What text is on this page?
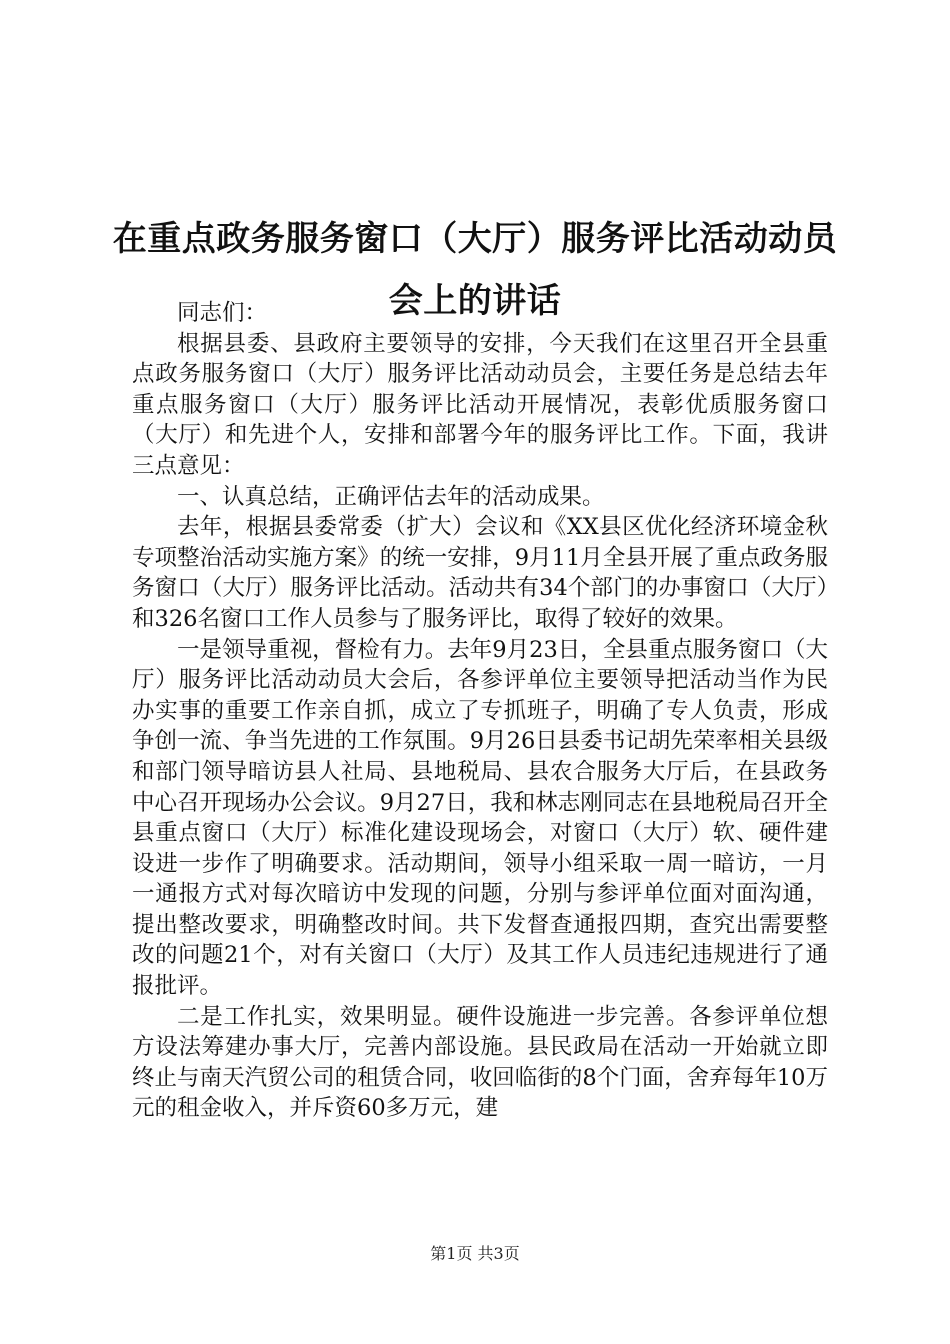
在重点政务服务窗口（大厅）服务评比活动动员会上的讲话

同志们：

根据县委、县政府主要领导的安排，今天我们在这里召开全县重点政务服务窗口（大厅）服务评比活动动员会，主要任务是总结去年重点服务窗口（大厅）服务评比活动开展情况，表彰优质服务窗口（大厅）和先进个人，安排和部署今年的服务评比工作。下面，我讲三点意见：

一、认真总结，正确评估去年的活动成果。

去年，根据县委常委（扩大）会议和《XX县区优化经济环境金秋专项整治活动实施方案》的统一安排，9月11月全县开展了重点政务服务窗口（大厅）服务评比活动。活动共有34个部门的办事窗口（大厅）和326名窗口工作人员参与了服务评比，取得了较好的效果。

一是领导重视，督检有力。去年9月23日，全县重点服务窗口（大厅）服务评比活动动员大会后，各参评单位主要领导把活动当作为民办实事的重要工作亲自抓，成立了专抓班子，明确了专人负责，形成争创一流、争当先进的工作氛围。9月26日县委书记胡先荣率相关县级和部门领导暗访县人社局、县地税局、县农合服务大厅后，在县政务中心召开现场办公会议。9月27日，我和林志刚同志在县地税局召开全县重点窗口（大厅）标准化建设现场会，对窗口（大厅）软、硬件建设进一步作了明确要求。活动期间，领导小组采取一周一暗访，一月一通报方式对每次暗访中发现的问题，分别与参评单位面对面沟通，提出整改要求，明确整改时间。共下发督查通报四期，查究出需要整改的问题21个，对有关窗口（大厅）及其工作人员违纪违规进行了通报批评。

二是工作扎实，效果明显。硬件设施进一步完善。各参评单位想方设法筹建办事大厅，完善内部设施。县民政局在活动一开始就立即终止与南天汽贸公司的租赁合同，收回临街的8个门面，舍弃每年10万元的租金收入，并斥资60多万元，建

第1页 共3页
